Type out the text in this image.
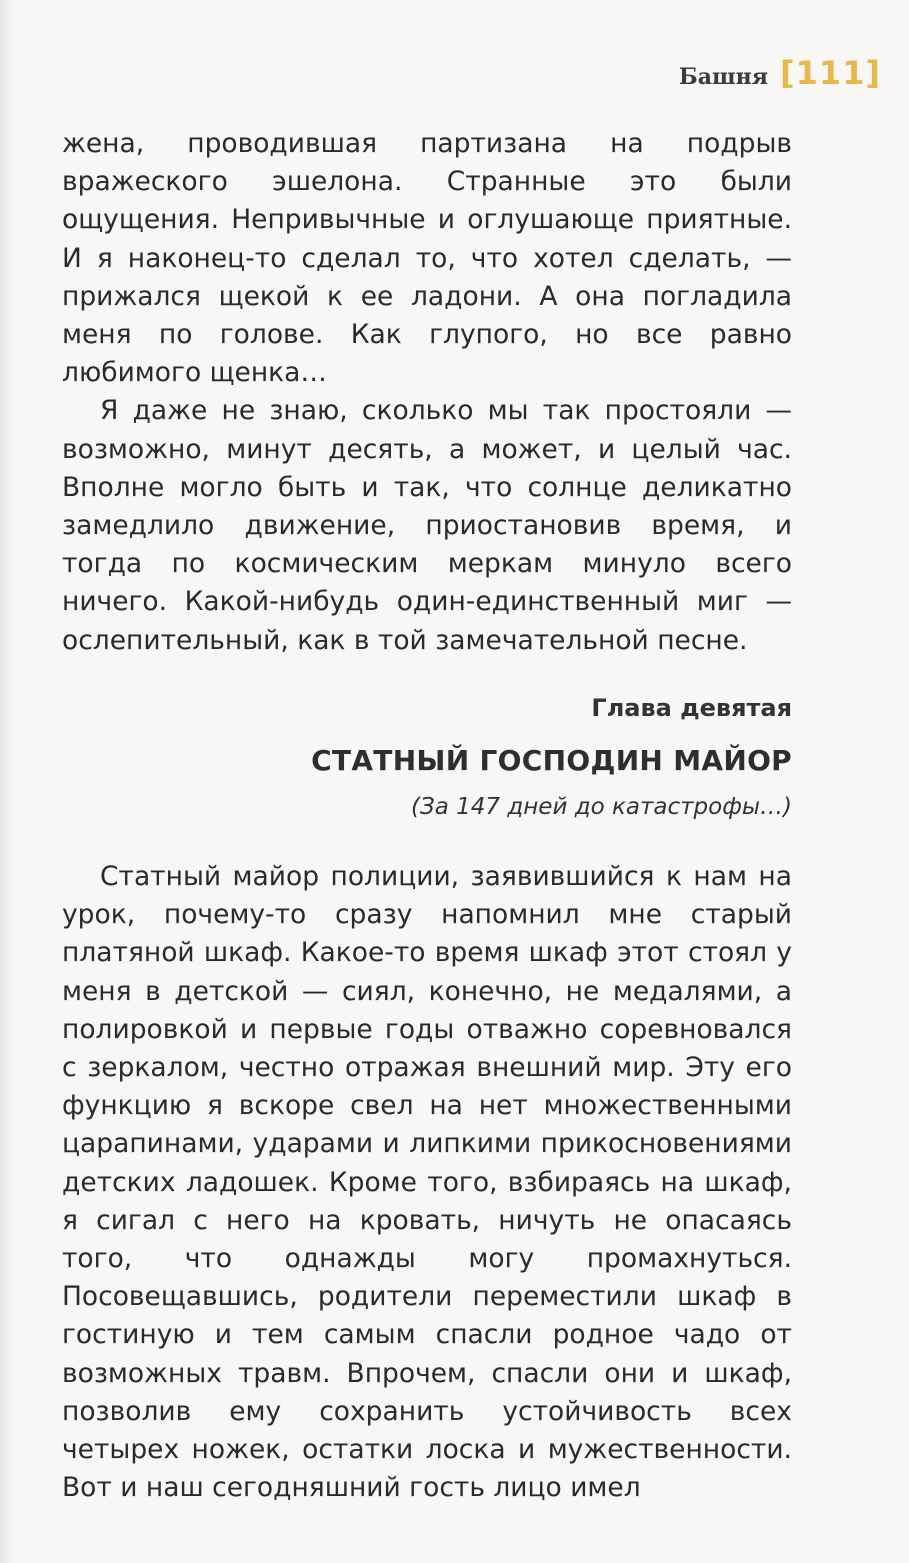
Башня [111]

жена, проводившая партизана на подрыв вражеского эшелона. Странные это были ощущения. Непривычные и оглушающе приятные. И я наконец-то сделал то, что хотел сделать, — прижался щекой к ее ладони. А она погладила меня по голове. Как глупого, но все равно любимого щенка…

Я даже не знаю, сколько мы так простояли — возможно, минут десять, а может, и целый час. Вполне могло быть и так, что солнце деликатно замедлило движение, приостановив время, и тогда по космическим меркам минуло всего ничего. Какой-нибудь один-единственный миг — ослепительный, как в той замечательной песне.

Глава девятая
СТАТНЫЙ ГОСПОДИН МАЙОР
(За 147 дней до катастрофы…)

Статный майор полиции, заявившийся к нам на урок, почему-то сразу напомнил мне старый платяной шкаф. Какое-то время шкаф этот стоял у меня в детской — сиял, конечно, не медалями, а полировкой и первые годы отважно соревновался с зеркалом, честно отражая внешний мир. Эту его функцию я вскоре свел на нет множественными царапинами, ударами и липкими прикосновениями детских ладошек. Кроме того, взбираясь на шкаф, я сигал с него на кровать, ничуть не опасаясь того, что однажды могу промахнуться. Посовещавшись, родители переместили шкаф в гостиную и тем самым спасли родное чадо от возможных травм. Впрочем, спасли они и шкаф, позволив ему сохранить устойчивость всех четырех ножек, остатки лоска и мужественности. Вот и наш сегодняшний гость лицо имел
